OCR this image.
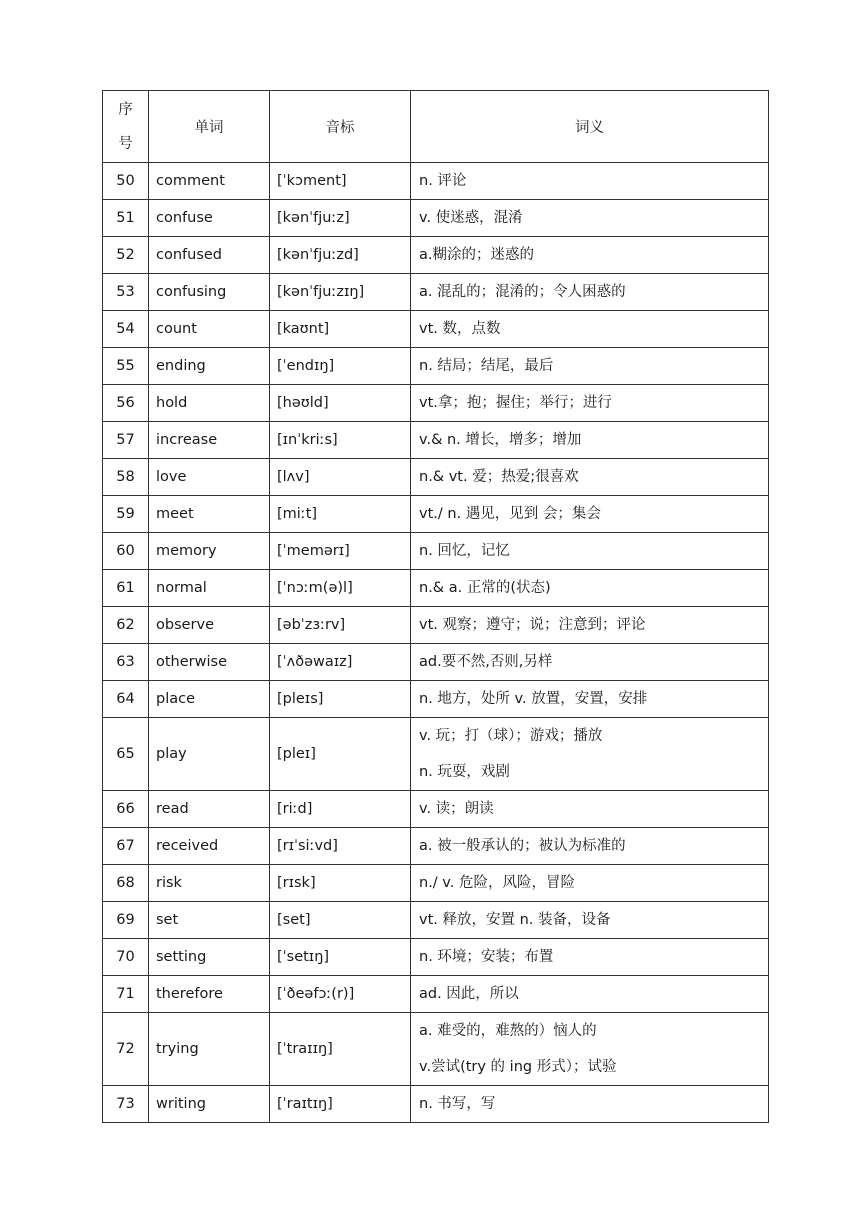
序
号	单词	音标	词义
50	comment	[ˈkɔment]	n. 评论

51	confuse	[kənˈfjuːz]	v. 使迷惑，混淆

52	confused	[kənˈfjuːzd]	a.糊涂的；迷惑的

53	confusing	[kənˈfjuːzɪŋ]	a. 混乱的；混淆的；令人困惑的

54	count	[kaʊnt]	vt. 数，点数

55	ending	[ˈendɪŋ]	n. 结局；结尾，最后

56	hold	[həʊld]	vt.拿；抱；握住；举行；进行

57	increase	[ɪnˈkriːs]	v.& n. 增长，增多；增加

58	love	[lʌv]	n.& vt. 爱；热爱;很喜欢

59	meet	[miːt]	vt./ n. 遇见，见到 会；集会

60	memory	[ˈmemərɪ]	n. 回忆，记忆

61	normal	[ˈnɔːm(ə)l]	n.& a. 正常的(状态)

62	observe	[əbˈzɜːrv]	vt. 观察；遵守；说；注意到；评论

63	otherwise	[ˈʌðəwaɪz]	ad.要不然,否则,另样

64	place	[pleɪs]	n. 地方，处所 v. 放置，安置，安排

65	play	[pleɪ]	v. 玩；打（球）；游戏；播放
n. 玩耍，戏剧

66	read	[riːd]	v. 读；朗读

67	received	[rɪˈsiːvd]	a. 被一般承认的；被认为标准的

68	risk	[rɪsk]	n./ v. 危险，风险，冒险

69	set	[set]	vt. 释放，安置 n. 装备，设备

70	setting	[ˈsetɪŋ]	n. 环境；安装；布置

71	therefore	[ˈðeəfɔː(r)]	ad. 因此，所以

72	trying	[ˈtraɪɪŋ]	a. 难受的，难熬的）恼人的
v.尝试(try 的 ing 形式）；试验

73	writing	[ˈraɪtɪŋ]	n. 书写，写
